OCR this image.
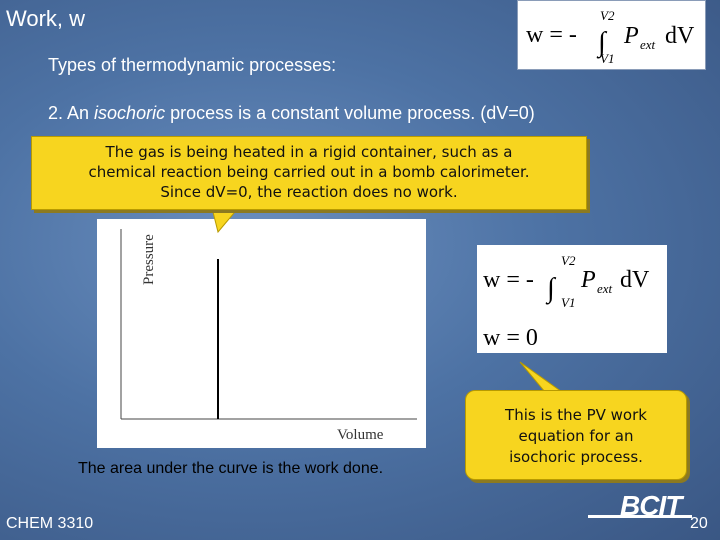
Work, w
w = - ∫
V2
V1
P ext dV
Types of thermodynamic processes:
2. An isochoric process is a constant volume process. (dV=0)
Pressure
Volume
The area under the curve is the work done.
The gas is being heated in a rigid container, such as a
chemical reaction being carried out in a bomb calorimeter.
Since dV=0, the reaction does no work.
w = - ∫
V2
V1
P ext dV
w = 0
This is the PV work
equation for an
isochoric process.
CHEM 3310
BCIT
20
